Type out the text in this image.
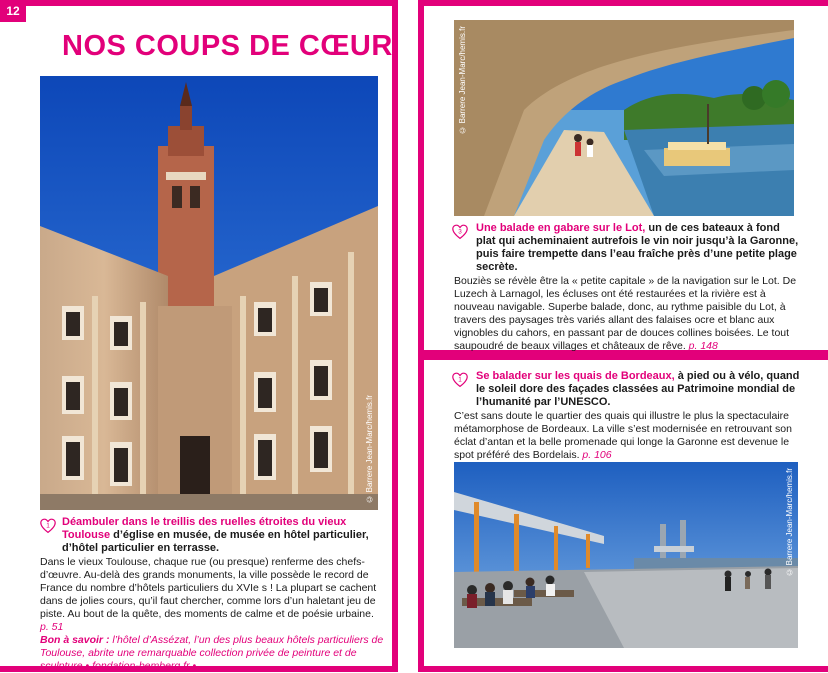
12
NOS COUPS DE CŒUR
© Barrere Jean-Marc/hemis.fr
1 Déambuler dans le treillis des ruelles étroites du vieux Toulouse d’église en musée, de musée en hôtel particulier, d’hôtel particulier en terrasse.
Dans le vieux Toulouse, chaque rue (ou presque) renferme des chefs-d’œuvre. Au-delà des grands monuments, la ville possède le record de France du nombre d’hôtels particuliers du XVIe s ! La plupart se cachent dans de jolies cours, qu’il faut chercher, comme lors d’un haletant jeu de piste. Au bout de la quête, des moments de calme et de poésie urbaine. p. 51
Bon à savoir : l’hôtel d’Assézat, l’un des plus beaux hôtels particuliers de Toulouse, abrite une remarquable collection privée de peinture et de sculpture • fondation-bemberg.fr •
© Barrere Jean-Marc/hemis.fr
3 Une balade en gabare sur le Lot, un de ces bateaux à fond plat qui acheminaient autrefois le vin noir jusqu’à la Garonne, puis faire trempette dans l’eau fraîche près d’une petite plage secrète.
Bouziès se révèle être la « petite capitale » de la navigation sur le Lot. De Luzech à Larnagol, les écluses ont été restaurées et la rivière est à nouveau navigable. Superbe balade, donc, au rythme paisible du Lot, à travers des paysages très variés allant des falaises ocre et blanc aux vignobles du cahors, en passant par de douces collines boisées. Le tout saupoudré de beaux villages et châteaux de rêve. p. 148
1 Se balader sur les quais de Bordeaux, à pied ou à vélo, quand le soleil dore des façades classées au Patrimoine mondial de l’humanité par l’UNESCO.
C’est sans doute le quartier des quais qui illustre le plus la spectaculaire métamorphose de Bordeaux. La ville s’est modernisée en retrouvant son éclat d’antan et la belle promenade qui longe la Garonne est devenue le spot préféré des Bordelais. p. 106
© Barrere Jean-Marc/hemis.fr
